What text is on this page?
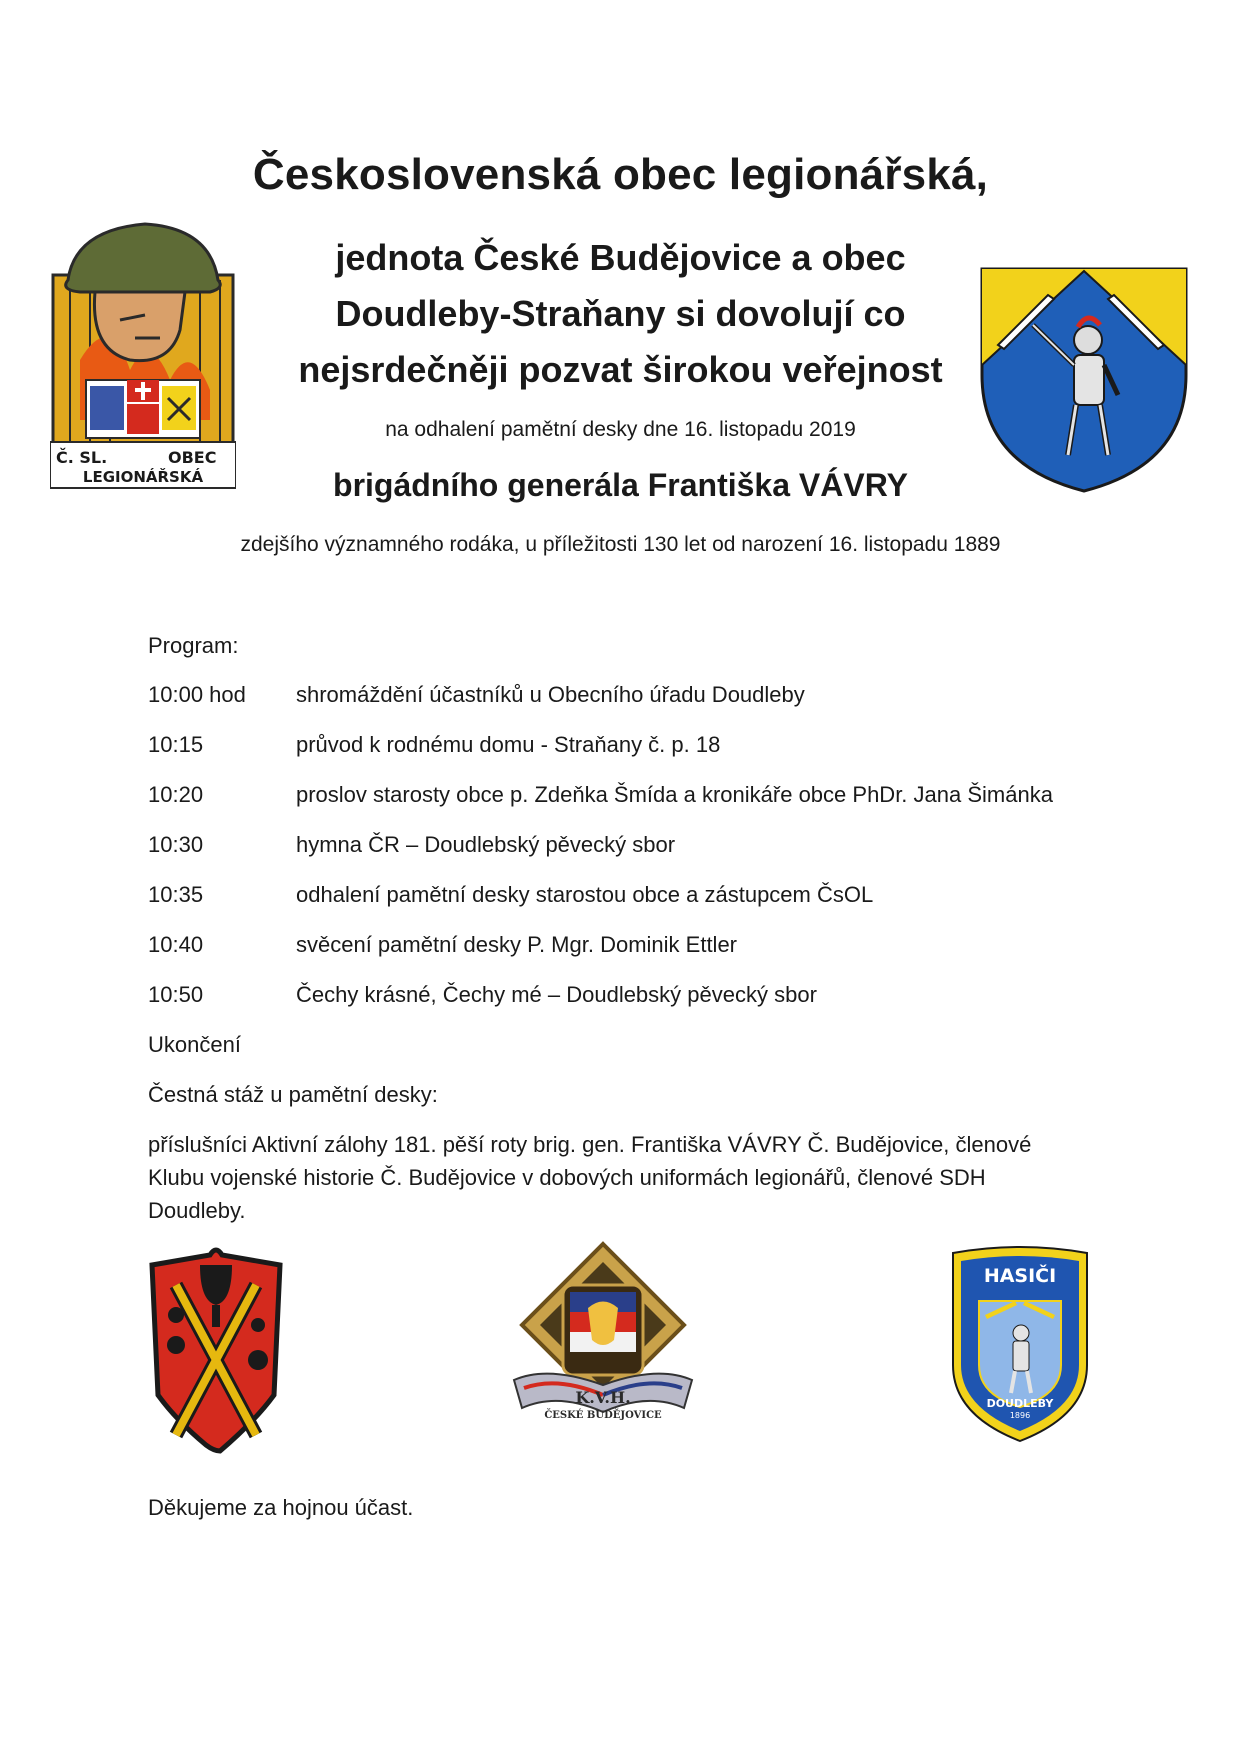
Československá obec legionářská,
jednota České Budějovice a obec
Doudleby-Straňany si dovolují co
nejsrdečněji pozvat širokou veřejnost
na odhalení pamětní desky dne 16. listopadu 2019
brigádního generála Františka VÁVRY
zdejšího významného rodáka, u příležitosti 130 let od narození 16. listopadu 1889
Č. SL.	OBEC
LEGIONÁŘSKÁ
Program:
10:00 hod shromáždění účastníků u Obecního úřadu Doudleby
10:15	průvod k rodnému domu - Straňany č. p. 18
10:20	proslov starosty obce p. Zdeňka Šmída a kronikáře obce PhDr. Jana Šimánka
10:30	hymna ČR – Doudlebský pěvecký sbor
10:35	odhalení pamětní desky starostou obce a zástupcem ČsOL
10:40	svěcení pamětní desky P. Mgr. Dominik Ettler
10:50	Čechy krásné, Čechy mé – Doudlebský pěvecký sbor
Ukončení
Čestná stáž u pamětní desky:
příslušníci Aktivní zálohy 181. pěší roty brig. gen. Františka VÁVRY Č. Budějovice, členové
Klubu vojenské historie Č. Budějovice v dobových uniformách legionářů, členové SDH
Doudleby.
K.V.H.
ČESKÉ BUDĚJOVICE
HASIČI
DOUDLEBY
1896
Děkujeme za hojnou účast.
